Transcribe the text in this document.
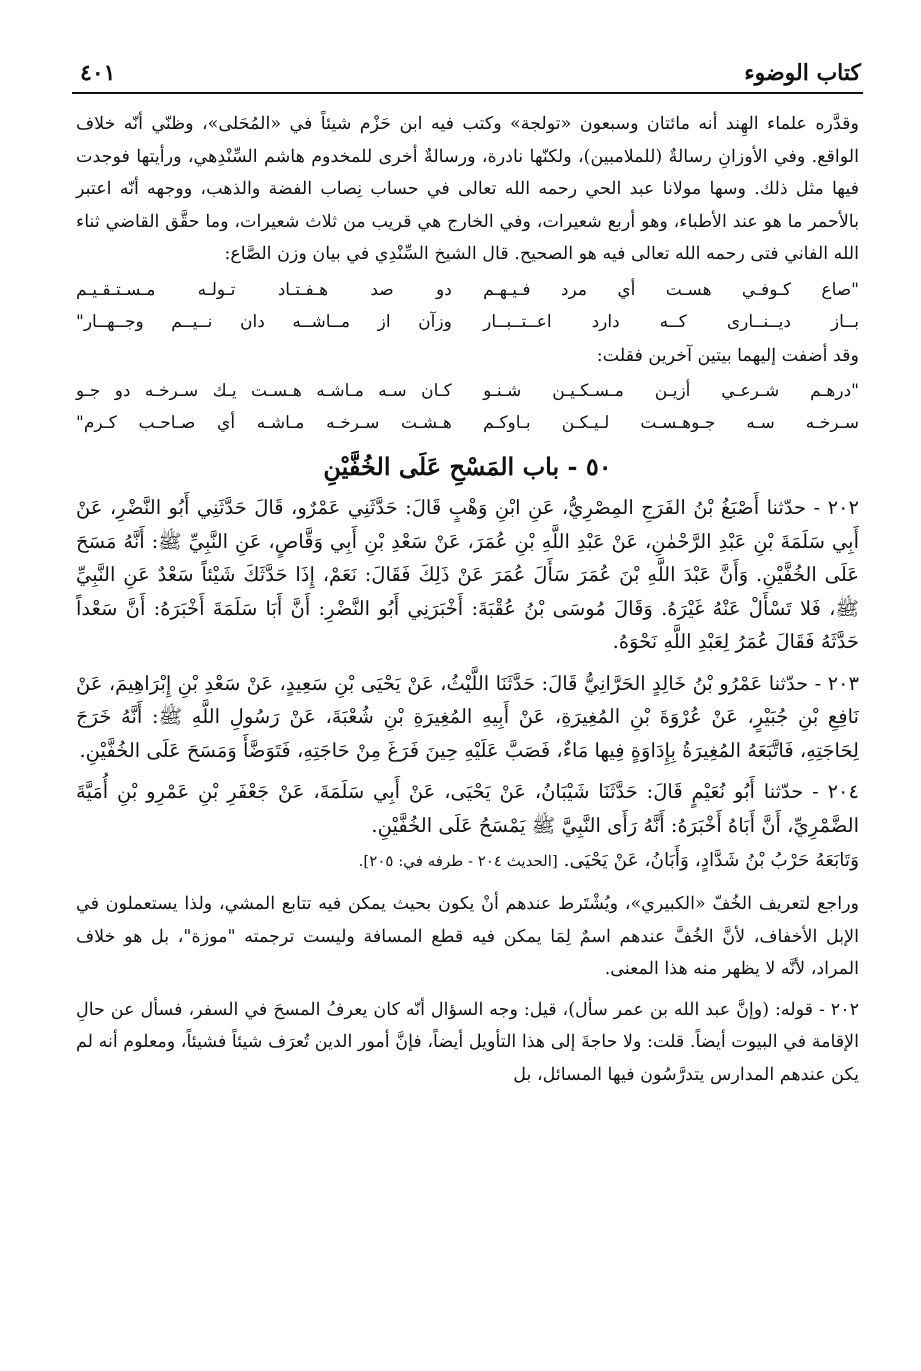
كتاب الوضوء
٤٠١

وقدَّره علماء الهِند أنه مائتان وسبعون «تولجة» وكتب فيه ابن حَزْم شيئاً في «المُحَلى»، وظنّي أنّه خلاف الواقع. وفي الأوزانِ رسالةٌ (للملامبين)، ولكنّها نادرة، ورسالةٌ أخرى للمخدوم هاشم السِّنْدِهي، ورأيتها فوجدت فيها مثل ذلك. وسها مولانا عبد الحي رحمه الله تعالى في حساب نِصاب الفضة والذهب، ووجهه أنّه اعتبر بالأحمر ما هو عند الأطباء، وهو أربع شعيرات، وفي الخارج هي قريب من ثلاث شعيرات، وما حقَّق القاضي ثناء الله الفاني فتى رحمه الله تعالى فيه هو الصحيح. قال الشيخ السِّنْدِي في بيان وزن الصَّاع:

"صاع كـوفـي هسـت أي مرد فـيـهـم
دو صد هـفـتـاد تـولـه مـسـتـقـيـم
بــاز ديــنــارى كــه دارد اعــتــبــار
وزآن از مــاشــه دان نــيــم وجــهــار"

وقد أضفت إليهما بيتين آخرين فقلت:

"درهـم شـرعـي أزيـن مـسـكـيـن شـنـو
كـان سـه مـاشـه هـسـت يـك سـرخـه دو جـو
سـرخـه سـه جـوهـسـت لـيـكـن بـاوكـم
هـشـت سـرخـه مـاشـه أي صـاحـب كـرم"
٥٠ - باب المَسْحِ عَلَى الخُفَّيْنِ

٢٠٢ - حدّثنا أَصْبَغُ بْنُ الفَرَجِ المِصْرِيُّ، عَنِ ابْنِ وَهْبٍ قَالَ: حَدَّثَنِي عَمْرٌو، قَالَ حَدَّثَنِي أَبُو النَّضْرِ، عَنْ أَبِي سَلَمَةَ بْنِ عَبْدِ الرَّحْمٰنِ، عَنْ عَبْدِ اللَّهِ بْنِ عُمَرَ، عَنْ سَعْدِ بْنِ أَبِي وَقَّاصٍ، عَنِ النَّبِيِّ ﷺ: أَنَّهُ مَسَحَ عَلَى الخُفَّيْنِ. وَأَنَّ عَبْدَ اللَّهِ بْنَ عُمَرَ سَأَلَ عُمَرَ عَنْ ذَلِكَ فَقَالَ: نَعَمْ، إِذَا حَدَّثَكَ شَيْئاً سَعْدٌ عَنِ النَّبِيِّ ﷺ، فَلا تَسْأَلْ عَنْهُ غَيْرَهُ. وَقَالَ مُوسَى بْنُ عُقْبَةَ: أَخْبَرَنِي أَبُو النَّضْرِ: أَنَّ أَبَا سَلَمَةَ أَخْبَرَهُ: أَنَّ سَعْداً حَدَّثَهُ فَقَالَ عُمَرُ لِعَبْدِ اللَّهِ نَحْوَهُ.

٢٠٣ - حدّثنا عَمْرُو بْنُ خَالِدٍ الحَرَّانِيُّ قَالَ: حَدَّثَنَا اللَّيْثُ، عَنْ يَحْيَى بْنِ سَعِيدٍ، عَنْ سَعْدِ بْنِ إِبْرَاهِيمَ، عَنْ نَافِعِ بْنِ جُبَيْرٍ، عَنْ عُرْوَةَ بْنِ المُغِيرَةِ، عَنْ أَبِيهِ المُغِيرَةِ بْنِ شُعْبَةَ، عَنْ رَسُولِ اللَّهِ ﷺ: أَنَّهُ خَرَجَ لِحَاجَتِهِ، فَاتَّبَعَهُ المُغِيرَةُ بِإِدَاوَةٍ فِيها مَاءٌ، فَصَبَّ عَلَيْهِ حِينَ فَرَغَ مِنْ حَاجَتِهِ، فَتَوَضَّأَ وَمَسَحَ عَلَى الخُفَّيْنِ.

٢٠٤ - حدّثنا أَبُو نُعَيْمٍ قَالَ: حَدَّثَنَا شَيْبَانُ، عَنْ يَحْيَى، عَنْ أَبِي سَلَمَةَ، عَنْ جَعْفَرِ بْنِ عَمْرِو بْنِ أُمَيَّةَ الضَّمْرِيِّ، أَنَّ أَبَاهُ أَخْبَرَهُ: أَنَّهُ رَأَى النَّبِيَّ ﷺ يَمْسَحُ عَلَى الخُفَّيْنِ.

وَتَابَعَهُ حَرْبُ بْنُ شَدَّادٍ، وَأَبَانُ، عَنْ يَحْيَى. [الحديث ٢٠٤ - طرفه في: ٢٠٥].

وراجع لتعريف الخُفّ «الكبيري»، ويُشْتَرط عندهم أنْ يكون بحيث يمكن فيه تتابع المشي، ولذا يستعملون في الإبل الأخفاف، لأنَّ الخُفَّ عندهم اسمٌ لِمَا يمكن فيه قطع المسافة وليست ترجمته "موزة"، بل هو خلاف المراد، لأنَّه لا يظهر منه هذا المعنى.

٢٠٢ - قوله: (وإنَّ عبد الله بن عمر سأل)، قيل: وجه السؤال أنّه كان يعرفُ المسحَ في السفر، فسأل عن حالِ الإقامة في البيوت أيضاً. قلت: ولا حاجةَ إلى هذا التأويل أيضاً، فإنَّ أمور الدين تُعرَف شيئاً فشيئاً، ومعلوم أنه لم يكن عندهم المدارس يتدرَّسُون فيها المسائل، بل
